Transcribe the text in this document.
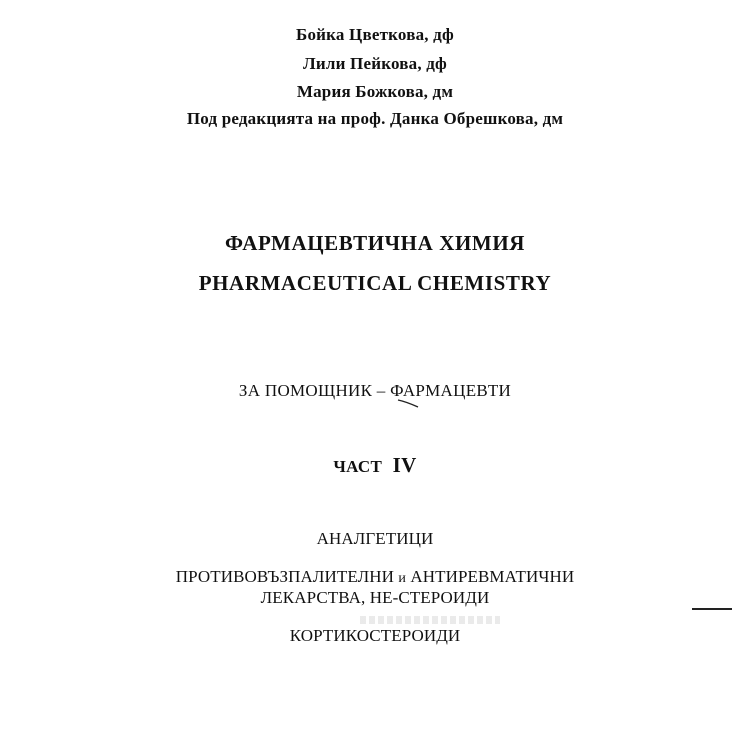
Бойка Цветкова, дф
Лили Пейкова, дф
Мария Божкова, дм
Под редакцията на проф. Данка Обрешкова, дм
ФАРМАЦЕВТИЧНА ХИМИЯ
PHARMACEUTICAL CHEMISTRY
ЗА ПОМОЩНИК – ФАРМАЦЕВТИ
ЧАСТ IV
АНАЛГЕТИЦИ
ПРОТИВОВЪЗПАЛИТЕЛНИ и АНТИРЕВМАТИЧНИ
ЛЕКАРСТВА, НЕ-СТЕРОИДИ
КОРТИКОСТЕРОИДИ
